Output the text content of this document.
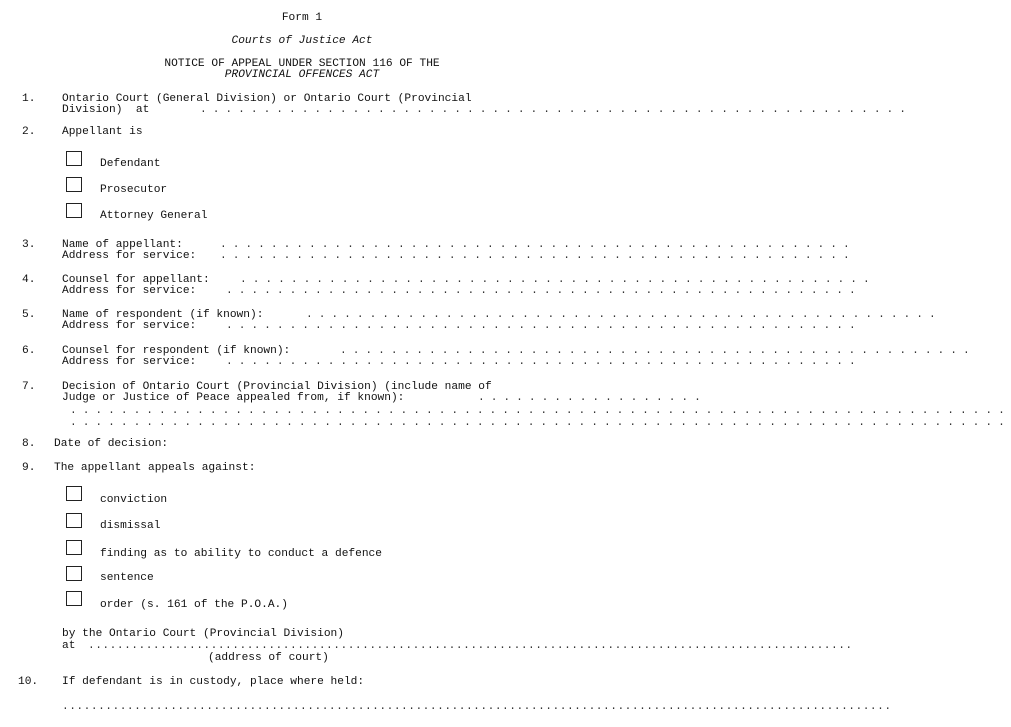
Form 1
Courts of Justice Act
NOTICE OF APPEAL UNDER SECTION 116 OF THE
PROVINCIAL OFFENCES ACT
1. Ontario Court (General Division) or Ontario Court (Provincial
Division)  at	........................................................
2. Appellant is
Defendant
Prosecutor
Attorney General
3. Name of appellant:
Address for service:
..................................................
..................................................
4. Counsel for appellant:
Address for service:
..................................................
..................................................
5. Name of respondent (if known):
Address for service:
..................................................
..................................................
6. Counsel for respondent (if known):
Address for service:
..................................................
..................................................
7. Decision of Ontario Court (Provincial Division) (include name of
Judge or Justice of Peace appealed from, if known):	..................
..........................................................................
..........................................................................
8. Date of decision:
9. The appellant appeals against:
conviction
dismissal
finding as to ability to conduct a defence
sentence
order (s. 161 of the P.O.A.)
by the Ontario Court (Provincial Division)
at ..........................................................................................................
(address of court)
10. If defendant is in custody, place where held:
...................................................................................................................
